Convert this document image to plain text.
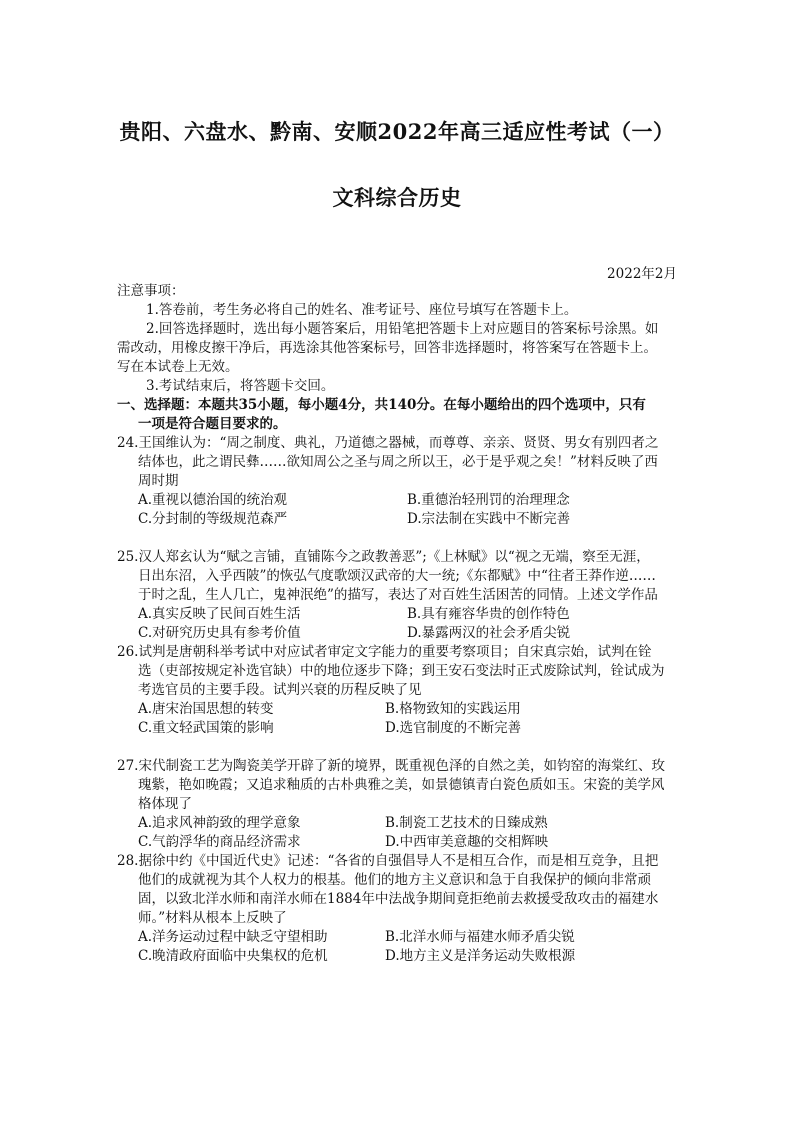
贵阳、六盘水、黔南、安顺2022年高三适应性考试（一）
文科综合历史
2022年2月
注意事项：
1.答卷前，考生务必将自己的姓名、准考证号、座位号填写在答题卡上。
2.回答选择题时，选出每小题答案后，用铅笔把答题卡上对应题目的答案标号涂黑。如
需改动，用橡皮擦干净后，再选涂其他答案标号，回答非选择题时，将答案写在答题卡上。
写在本试卷上无效。
3.考试结束后，将答题卡交回。
一、选择题：本题共35小题，每小题4分，共140分。在每小题给出的四个选项中，只有
一项是符合题目要求的。
24.王国维认为：“周之制度、典礼，乃道德之器械，而尊尊、亲亲、贤贤、男女有别四者之
结体也，此之谓民彝……欲知周公之圣与周之所以王，必于是乎观之矣！”材料反映了西
周时期
A.重视以德治国的统治观	B.重德治轻刑罚的治理理念
C.分封制的等级规范森严	D.宗法制在实践中不断完善
25.汉人郑玄认为“赋之言铺，直铺陈今之政教善恶”;《上林赋》以“视之无端，察至无涯，
日出东沼，入乎西陂”的恢弘气度歌颂汉武帝的大一统;《东都赋》中“往者王莽作逆……
于时之乱，生人几亡，鬼神泯绝”的描写，表达了对百姓生活困苦的同情。上述文学作品
A.真实反映了民间百姓生活	B.具有雍容华贵的创作特色
C.对研究历史具有参考价值	D.暴露两汉的社会矛盾尖锐
26.试判是唐朝科举考试中对应试者审定文字能力的重要考察项目；自宋真宗始，试判在铨
选（吏部按规定补选官缺）中的地位逐步下降；到王安石变法时正式废除试判，铨试成为
考选官员的主要手段。试判兴衰的历程反映了见
A.唐宋治国思想的转变	B.格物致知的实践运用
C.重文轻武国策的影响	D.选官制度的不断完善
27.宋代制瓷工艺为陶瓷美学开辟了新的境界，既重视色泽的自然之美，如钧窑的海棠红、玫
瑰紫，艳如晚霞；又追求釉质的古朴典雅之美，如景德镇青白瓷色质如玉。宋瓷的美学风
格体现了
A.追求风神韵致的理学意象	B.制瓷工艺技术的日臻成熟
C.气韵浮华的商品经济需求	D.中西审美意趣的交相辉映
28.据徐中约《中国近代史》记述：“各省的自强倡导人不是相互合作，而是相互竞争，且把
他们的成就视为其个人权力的根基。他们的地方主义意识和急于自我保护的倾向非常顽
固，以致北洋水师和南洋水师在1884年中法战争期间竟拒绝前去救援受敌攻击的福建水
师。”材料从根本上反映了
A.洋务运动过程中缺乏守望相助	B.北洋水师与福建水师矛盾尖锐
C.晚清政府面临中央集权的危机	D.地方主义是洋务运动失败根源
